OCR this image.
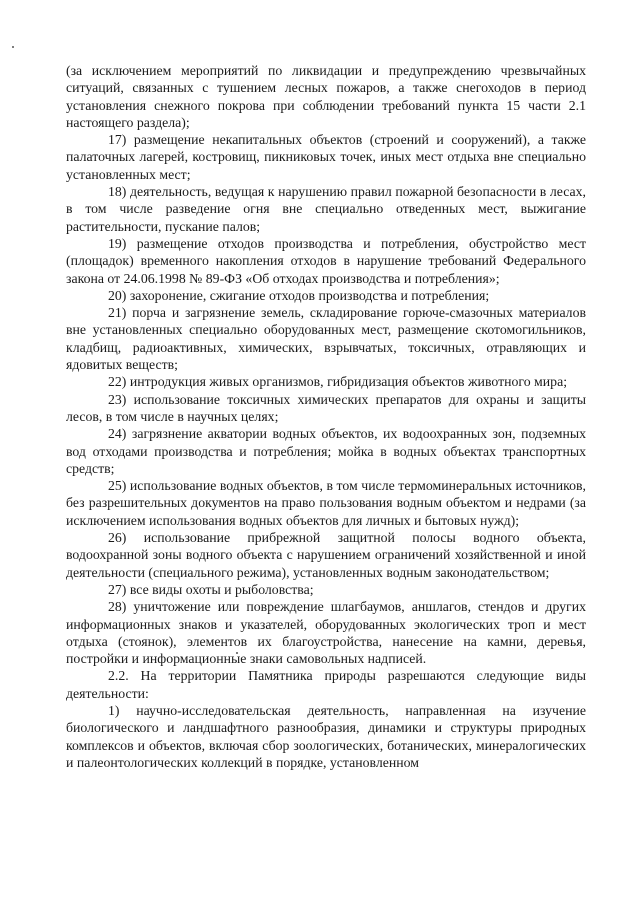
(за исключением мероприятий по ликвидации и предупреждению чрезвычайных ситуаций, связанных с тушением лесных пожаров, а также снегоходов в период установления снежного покрова при соблюдении требований пункта 15 части 2.1 настоящего раздела);

17) размещение некапитальных объектов (строений и сооружений), а также палаточных лагерей, костровищ, пикниковых точек, иных мест отдыха вне специально установленных мест;

18) деятельность, ведущая к нарушению правил пожарной безопасности в лесах, в том числе разведение огня вне специально отведенных мест, выжигание растительности, пускание палов;

19) размещение отходов производства и потребления, обустройство мест (площадок) временного накопления отходов в нарушение требований Федерального закона от 24.06.1998 № 89-ФЗ «Об отходах производства и потребления»;

20) захоронение, сжигание отходов производства и потребления;

21) порча и загрязнение земель, складирование горюче-смазочных материалов вне установленных специально оборудованных мест, размещение скотомогильников, кладбищ, радиоактивных, химических, взрывчатых, токсичных, отравляющих и ядовитых веществ;

22) интродукция живых организмов, гибридизация объектов животного мира;

23) использование токсичных химических препаратов для охраны и защиты лесов, в том числе в научных целях;

24) загрязнение акватории водных объектов, их водоохранных зон, подземных вод отходами производства и потребления; мойка в водных объектах транспортных средств;

25) использование водных объектов, в том числе термоминеральных источников, без разрешительных документов на право пользования водным объектом и недрами (за исключением использования водных объектов для личных и бытовых нужд);

26) использование прибрежной защитной полосы водного объекта, водоохранной зоны водного объекта с нарушением ограничений хозяйственной и иной деятельности (специального режима), установленных водным законодательством;

27) все виды охоты и рыболовства;

28) уничтожение или повреждение шлагбаумов, аншлагов, стендов и других информационных знаков и указателей, оборудованных экологических троп и мест отдыха (стоянок), элементов их благоустройства, нанесение на камни, деревья, постройки и информационные знаки самовольных надписей.

2.2. На территории Памятника природы разрешаются следующие виды деятельности:

1) научно-исследовательская деятельность, направленная на изучение биологического и ландшафтного разнообразия, динамики и структуры природных комплексов и объектов, включая сбор зоологических, ботанических, минералогических и палеонтологических коллекций в порядке, установленном
